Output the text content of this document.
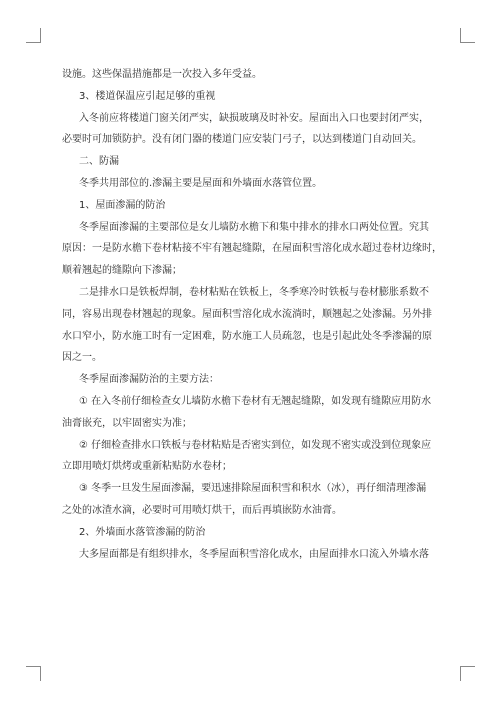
设施。这些保温措施都是一次投入多年受益。

3、楼道保温应引起足够的重视

入冬前应将楼道门窗关闭严实，缺损玻璃及时补安。屋面出入口也要封闭严实，

必要时可加锁防护。没有闭门器的楼道门应安装门弓子，以达到楼道门自动回关。

二、防漏

冬季共用部位的.渗漏主要是屋面和外墙面水落管位置。

1、屋面渗漏的防治

冬季屋面渗漏的主要部位是女儿墙防水檐下和集中排水的排水口两处位置。究其

原因：一是防水檐下卷材粘接不牢有翘起缝隙，在屋面积雪溶化成水超过卷材边缘时，

顺着翘起的缝隙向下渗漏；

二是排水口是铁板焊制，卷材粘贴在铁板上，冬季寒冷时铁板与卷材膨胀系数不

同，容易出现卷材翘起的现象。屋面积雪溶化成水流淌时，顺翘起之处渗漏。另外排

水口窄小，防水施工时有一定困难，防水施工人员疏忽，也是引起此处冬季渗漏的原

因之一。

冬季屋面渗漏防治的主要方法：

① 在入冬前仔细检查女儿墙防水檐下卷材有无翘起缝隙，如发现有缝隙应用防水

油膏嵌充，以牢固密实为准；

② 仔细检查排水口铁板与卷材粘贴是否密实到位，如发现不密实或没到位现象应

立即用喷灯烘烤或重新粘贴防水卷材；

③ 冬季一旦发生屋面渗漏，要迅速排除屋面积雪和积水（冰），再仔细清理渗漏

之处的冰渣水滴，必要时可用喷灯烘干，而后再填嵌防水油膏。

2、外墙面水落管渗漏的防治

大多屋面都是有组织排水，冬季屋面积雪溶化成水，由屋面排水口流入外墙水落
